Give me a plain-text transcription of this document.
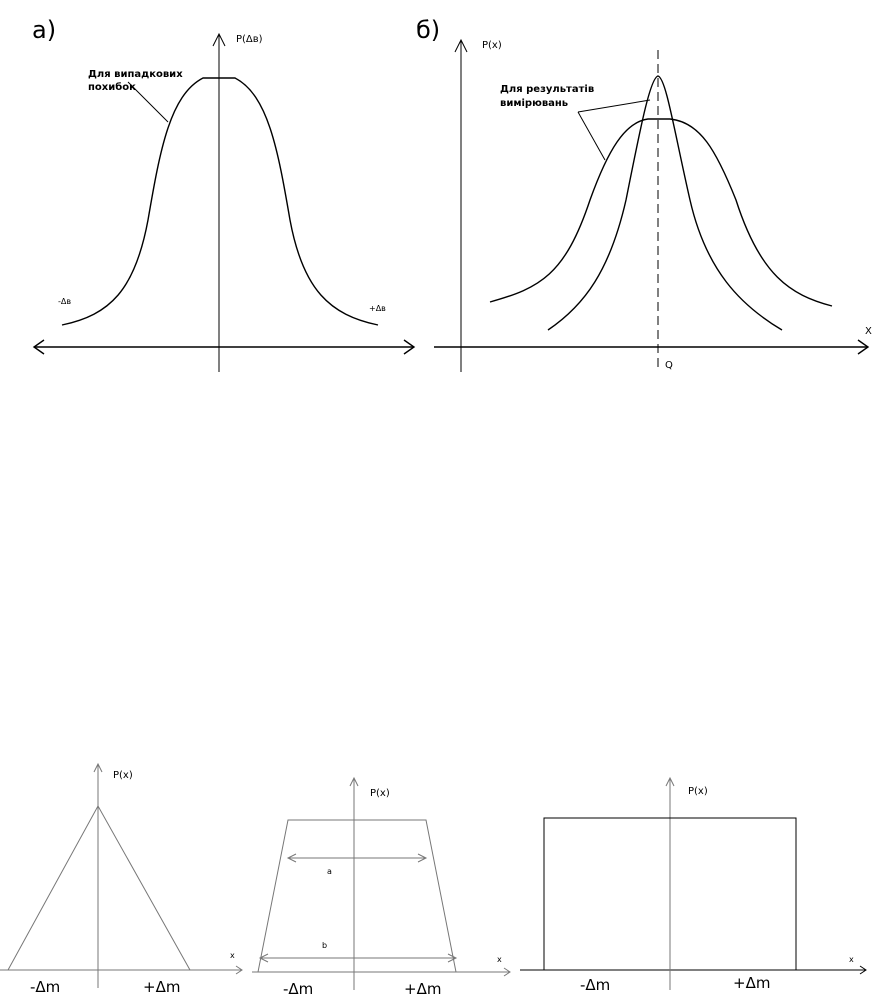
а)
Для випадкових
похибок
P(Δв)
-Δв
+Δв
б)
Для результатів
вимірювань
P(x)
X
Q
P(x)
x
-Δm	+Δm
a
b
P(x)
x
-Δm	+Δm
P(x)
x
-Δm	+Δm
